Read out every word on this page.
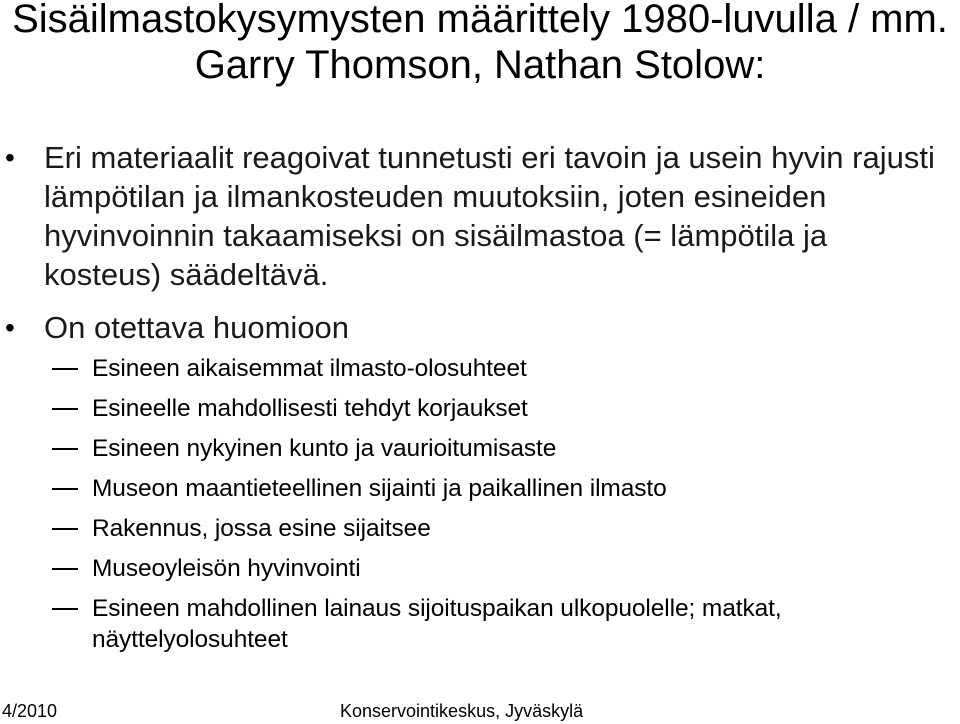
Sisäilmastokysymysten määrittely 1980-luvulla / mm. Garry Thomson, Nathan Stolow:
• Eri materiaalit reagoivat tunnetusti eri tavoin ja usein hyvin rajusti lämpötilan ja ilmankosteuden muutoksiin, joten esineiden hyvinvoinnin takaamiseksi on sisäilmastoa (= lämpötila ja kosteus) säädeltävä.
• On otettava huomioon
Esineen aikaisemmat ilmasto-olosuhteet
Esineelle mahdollisesti tehdyt korjaukset
Esineen nykyinen kunto ja vaurioitumisaste
Museon maantieteellinen sijainti ja paikallinen ilmasto
Rakennus, jossa esine sijaitsee
Museoyleisön hyvinvointi
Esineen mahdollinen lainaus sijoituspaikan ulkopuolelle; matkat, näyttelyolosuhteet
4/2010	Konservointikeskus, Jyväskylä
